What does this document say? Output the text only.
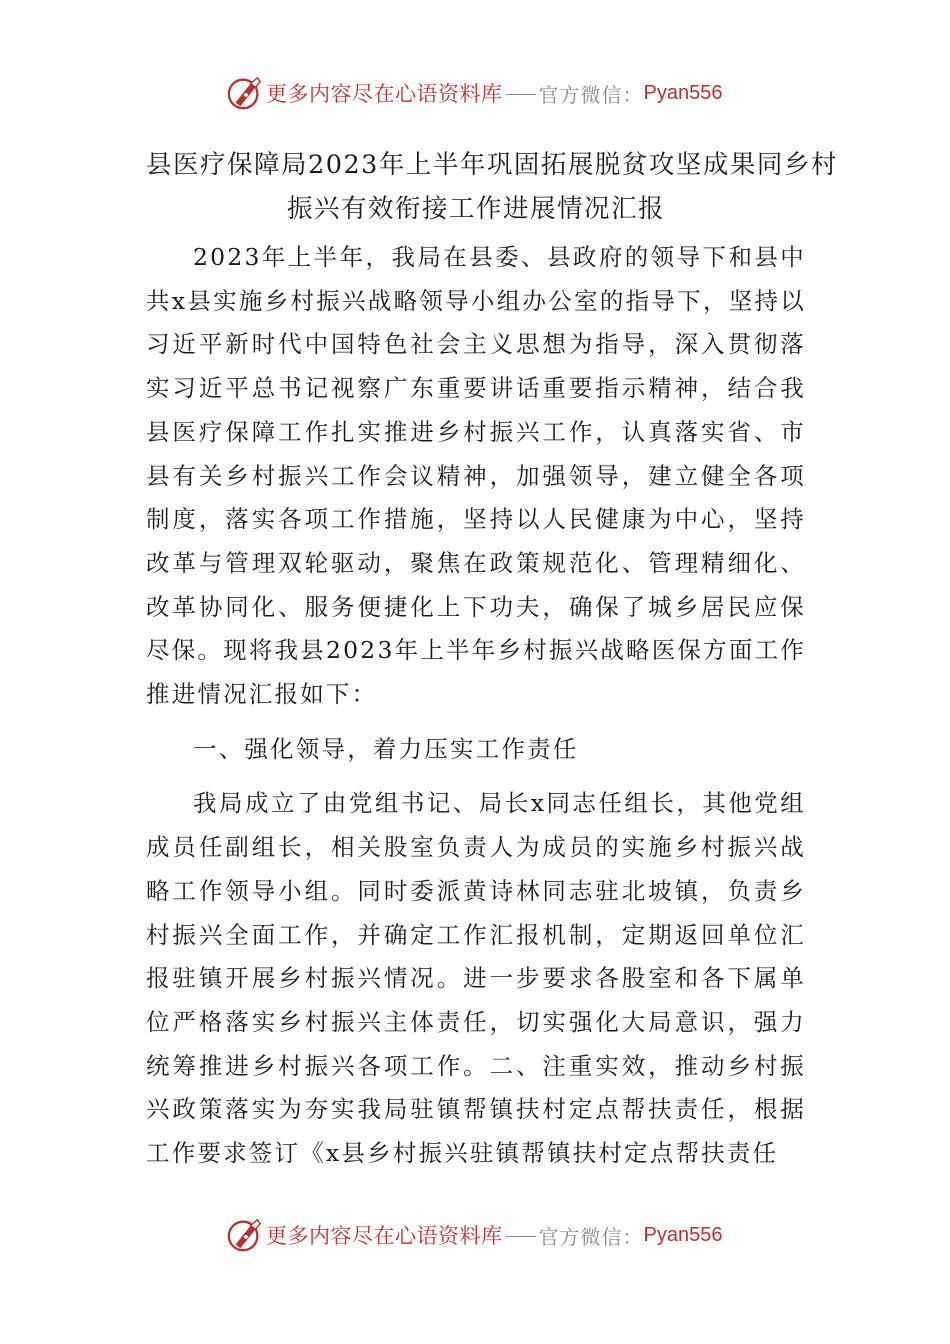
更多内容尽在心语资料库 官方微信： Pyan556
县医疗保障局2023年上半年巩固拓展脱贫攻坚成果同乡村
振兴有效衔接工作进展情况汇报

2023年上半年，我局在县委、县政府的领导下和县中共x县实施乡村振兴战略领导小组办公室的指导下，坚持以习近平新时代中国特色社会主义思想为指导，深入贯彻落实习近平总书记视察广东重要讲话重要指示精神，结合我县医疗保障工作扎实推进乡村振兴工作，认真落实省、市县有关乡村振兴工作会议精神，加强领导，建立健全各项制度，落实各项工作措施，坚持以人民健康为中心，坚持改革与管理双轮驱动，聚焦在政策规范化、管理精细化、改革协同化、服务便捷化上下功夫，确保了城乡居民应保尽保。现将我县2023年上半年乡村振兴战略医保方面工作推进情况汇报如下：

一、强化领导，着力压实工作责任

我局成立了由党组书记、局长x同志任组长，其他党组成员任副组长，相关股室负责人为成员的实施乡村振兴战略工作领导小组。同时委派黄诗林同志驻北坡镇，负责乡村振兴全面工作，并确定工作汇报机制，定期返回单位汇报驻镇开展乡村振兴情况。进一步要求各股室和各下属单位严格落实乡村振兴主体责任，切实强化大局意识，强力统筹推进乡村振兴各项工作。二、注重实效，推动乡村振兴政策落实为夯实我局驻镇帮镇扶村定点帮扶责任，根据工作要求签订《x县乡村振兴驻镇帮镇扶村定点帮扶责任

更多内容尽在心语资料库 官方微信： Pyan556
